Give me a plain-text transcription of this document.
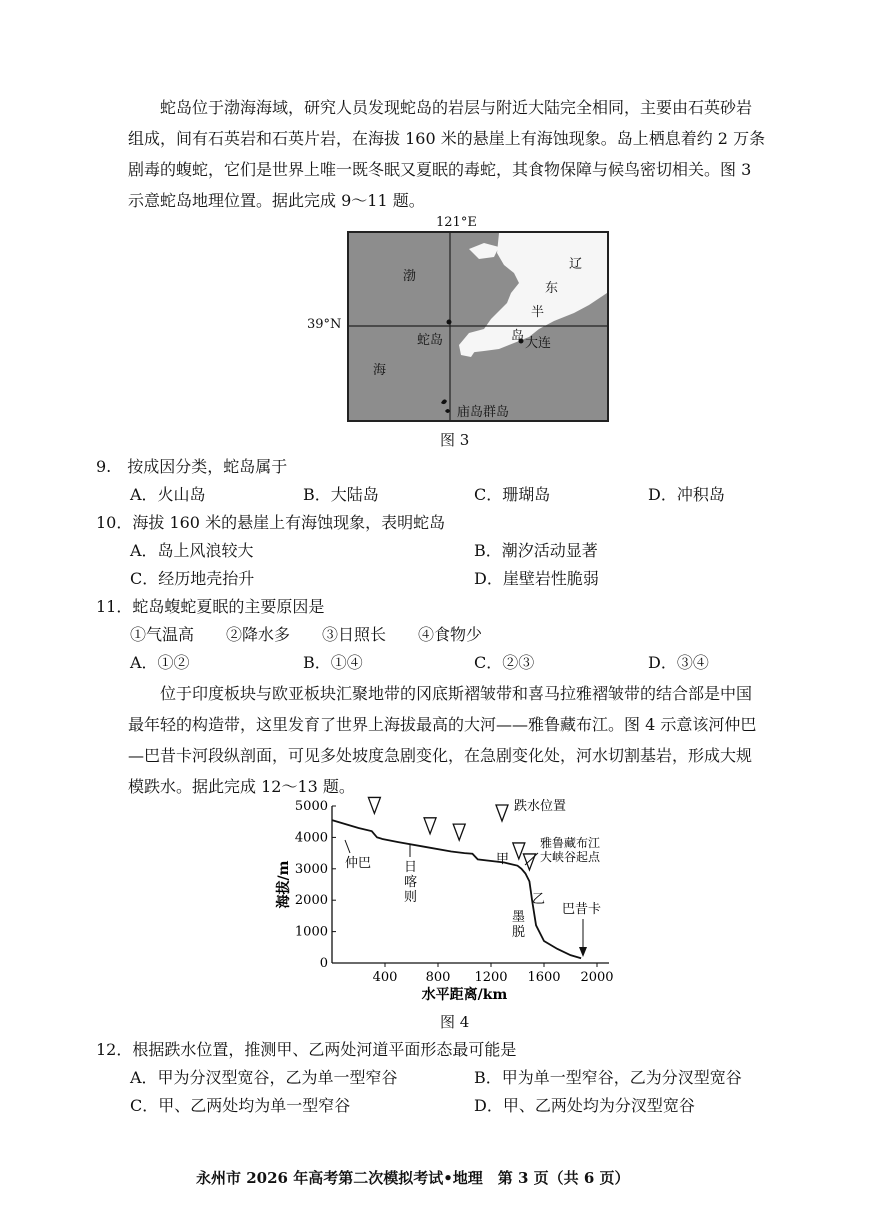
蛇岛位于渤海海域，研究人员发现蛇岛的岩层与附近大陆完全相同，主要由石英砂岩
组成，间有石英岩和石英片岩，在海拔 160 米的悬崖上有海蚀现象。岛上栖息着约 2 万条
剧毒的蝮蛇，它们是世界上唯一既冬眠又夏眠的毒蛇，其食物保障与候鸟密切相关。图 3
示意蛇岛地理位置。据此完成 9～11 题。
121°E
39°N
渤
海
蛇岛
辽
东
半
岛 大连
庙岛群岛
图 3
9.　按成因分类，蛇岛属于
A．火山岛	B．大陆岛	C．珊瑚岛	D．冲积岛
10．海拔 160 米的悬崖上有海蚀现象，表明蛇岛
A．岛上风浪较大	B．潮汐活动显著
C．经历地壳抬升	D．崖壁岩性脆弱
11．蛇岛蝮蛇夏眠的主要原因是
①气温高　　②降水多　　③日照长　　④食物少
A．①②	B．①④	C．②③	D．③④
位于印度板块与欧亚板块汇聚地带的冈底斯褶皱带和喜马拉雅褶皱带的结合部是中国
最年轻的构造带，这里发育了世界上海拔最高的大河——雅鲁藏布江。图 4 示意该河仲巴
—巴昔卡河段纵剖面，可见多处坡度急剧变化，在急剧变化处，河水切割基岩，形成大规
模跌水。据此完成 12～13 题。
400 800 1200 1600 2000
0
1000
2000
3000
4000
5000
水平距离/km
海拔/m
跌水位置
仲巴	日
喀
则
甲
雅鲁藏布江
大峡谷起点
乙
墨
脱
巴昔卡
图 4
12．根据跌水位置，推测甲、乙两处河道平面形态最可能是
A．甲为分汊型宽谷，乙为单一型窄谷	B．甲为单一型窄谷，乙为分汊型宽谷
C．甲、乙两处均为单一型窄谷	D．甲、乙两处均为分汊型宽谷
永州市 2026 年高考第二次模拟考试•地理　第 3 页（共 6 页）
